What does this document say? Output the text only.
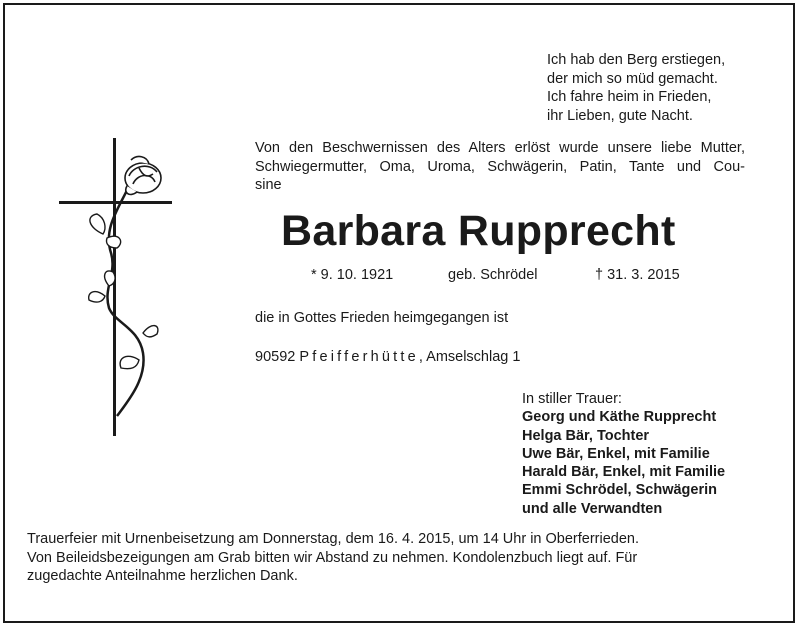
Ich hab den Berg erstiegen,
der mich so müd gemacht.
Ich fahre heim in Frieden,
ihr Lieben, gute Nacht.
Von den Beschwernissen des Alters erlöst wurde unsere liebe Mutter,
Schwiegermutter, Oma, Uroma, Schwägerin, Patin, Tante und Cou-
sine
Barbara Rupprecht
* 9. 10. 1921	geb. Schrödel	† 31. 3. 2015
die in Gottes Frieden heimgegangen ist
90592 Pfeifferhütte, Amselschlag 1
In stiller Trauer:
Georg und Käthe Rupprecht
Helga Bär, Tochter
Uwe Bär, Enkel, mit Familie
Harald Bär, Enkel, mit Familie
Emmi Schrödel, Schwägerin
und alle Verwandten
Trauerfeier mit Urnenbeisetzung am Donnerstag, dem 16. 4. 2015, um 14 Uhr in Oberferrieden.
Von Beileidsbezeigungen am Grab bitten wir Abstand zu nehmen. Kondolenzbuch liegt auf. Für
zugedachte Anteilnahme herzlichen Dank.
